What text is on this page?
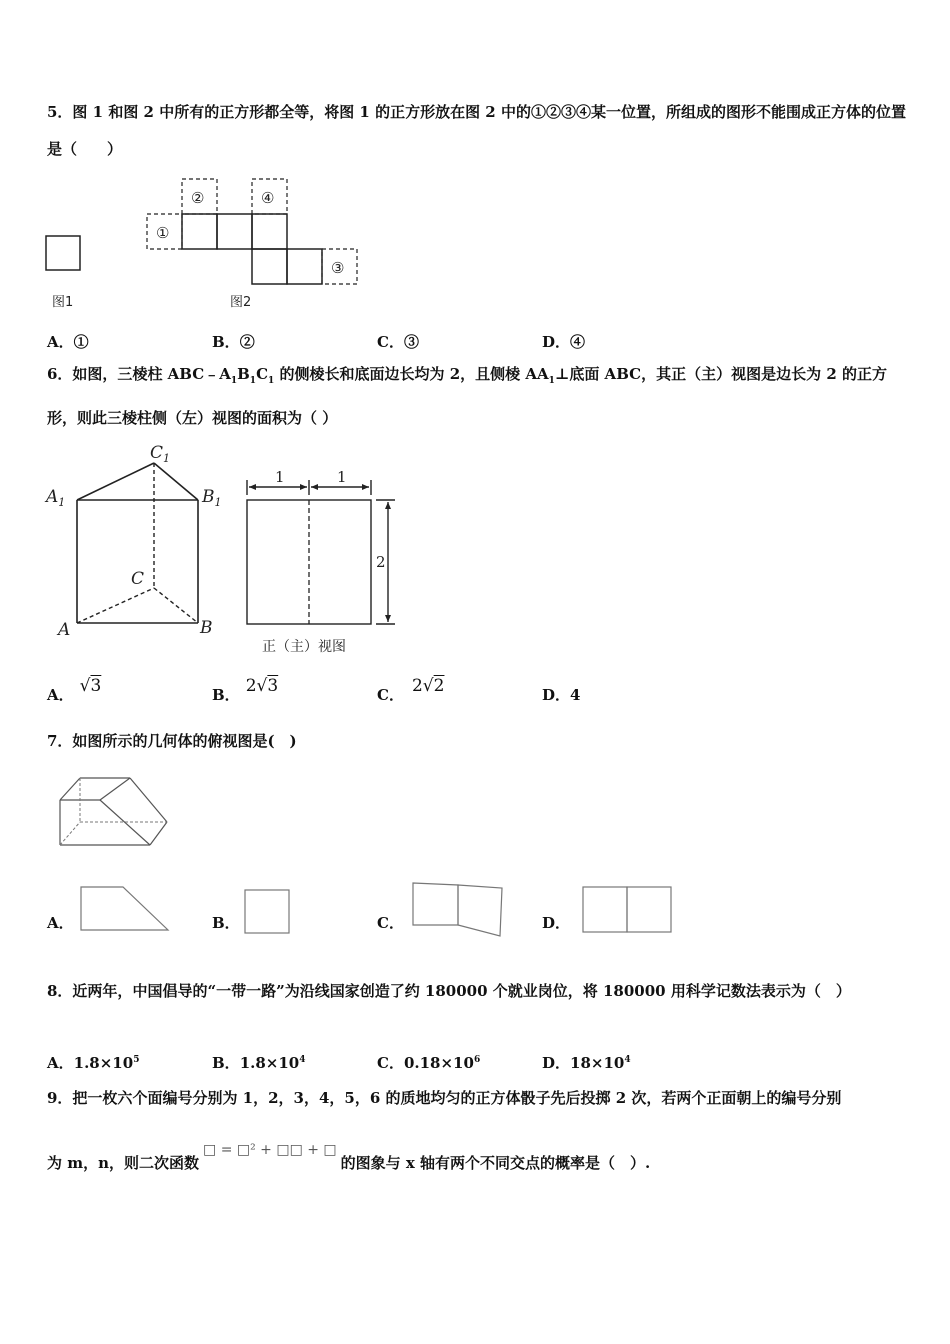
5．图 1 和图 2 中所有的正方形都全等，将图 1 的正方形放在图 2 中的①②③④某一位置，所组成的图形不能围成正方体的位置是（　　）
图1
①
②	④
③
图2
A．①	B．②	C．③	D．④
6．如图，三棱柱 $ABC﹣A_1B_1C_1$ 的侧棱长和底面边长均为 2，且侧棱 $AA_1\perp$底面 ABC，其正（主）视图是边长为 2 的正方形，则此三棱柱侧（左）视图的面积为（ ）
$A_1$
$C_1$
$B_1$
C
A	B
1	1
2
正（主）视图
A． √3	B． 2√3	C． 2√2	D．4
7．如图所示的几何体的俯视图是(　)
A．	B．	C．	D．
8．近两年，中国倡导的“一带一路”为沿线国家创造了约 180000 个就业岗位，将 180000 用科学记数法表示为（　）
A．$1.8\times 10^5$	B．$1.8\times 10^4$	C．$0.18\times 10^6$	D．$18\times 10^4$
9．把一枚六个面编号分别为 1，2，3，4，5，6 的质地均匀的正方体骰子先后投掷 2 次，若两个正面朝上的编号分别
为 m，n，则二次函数□ = □² + □□ + □的图象与 x 轴有两个不同交点的概率是（　）.
